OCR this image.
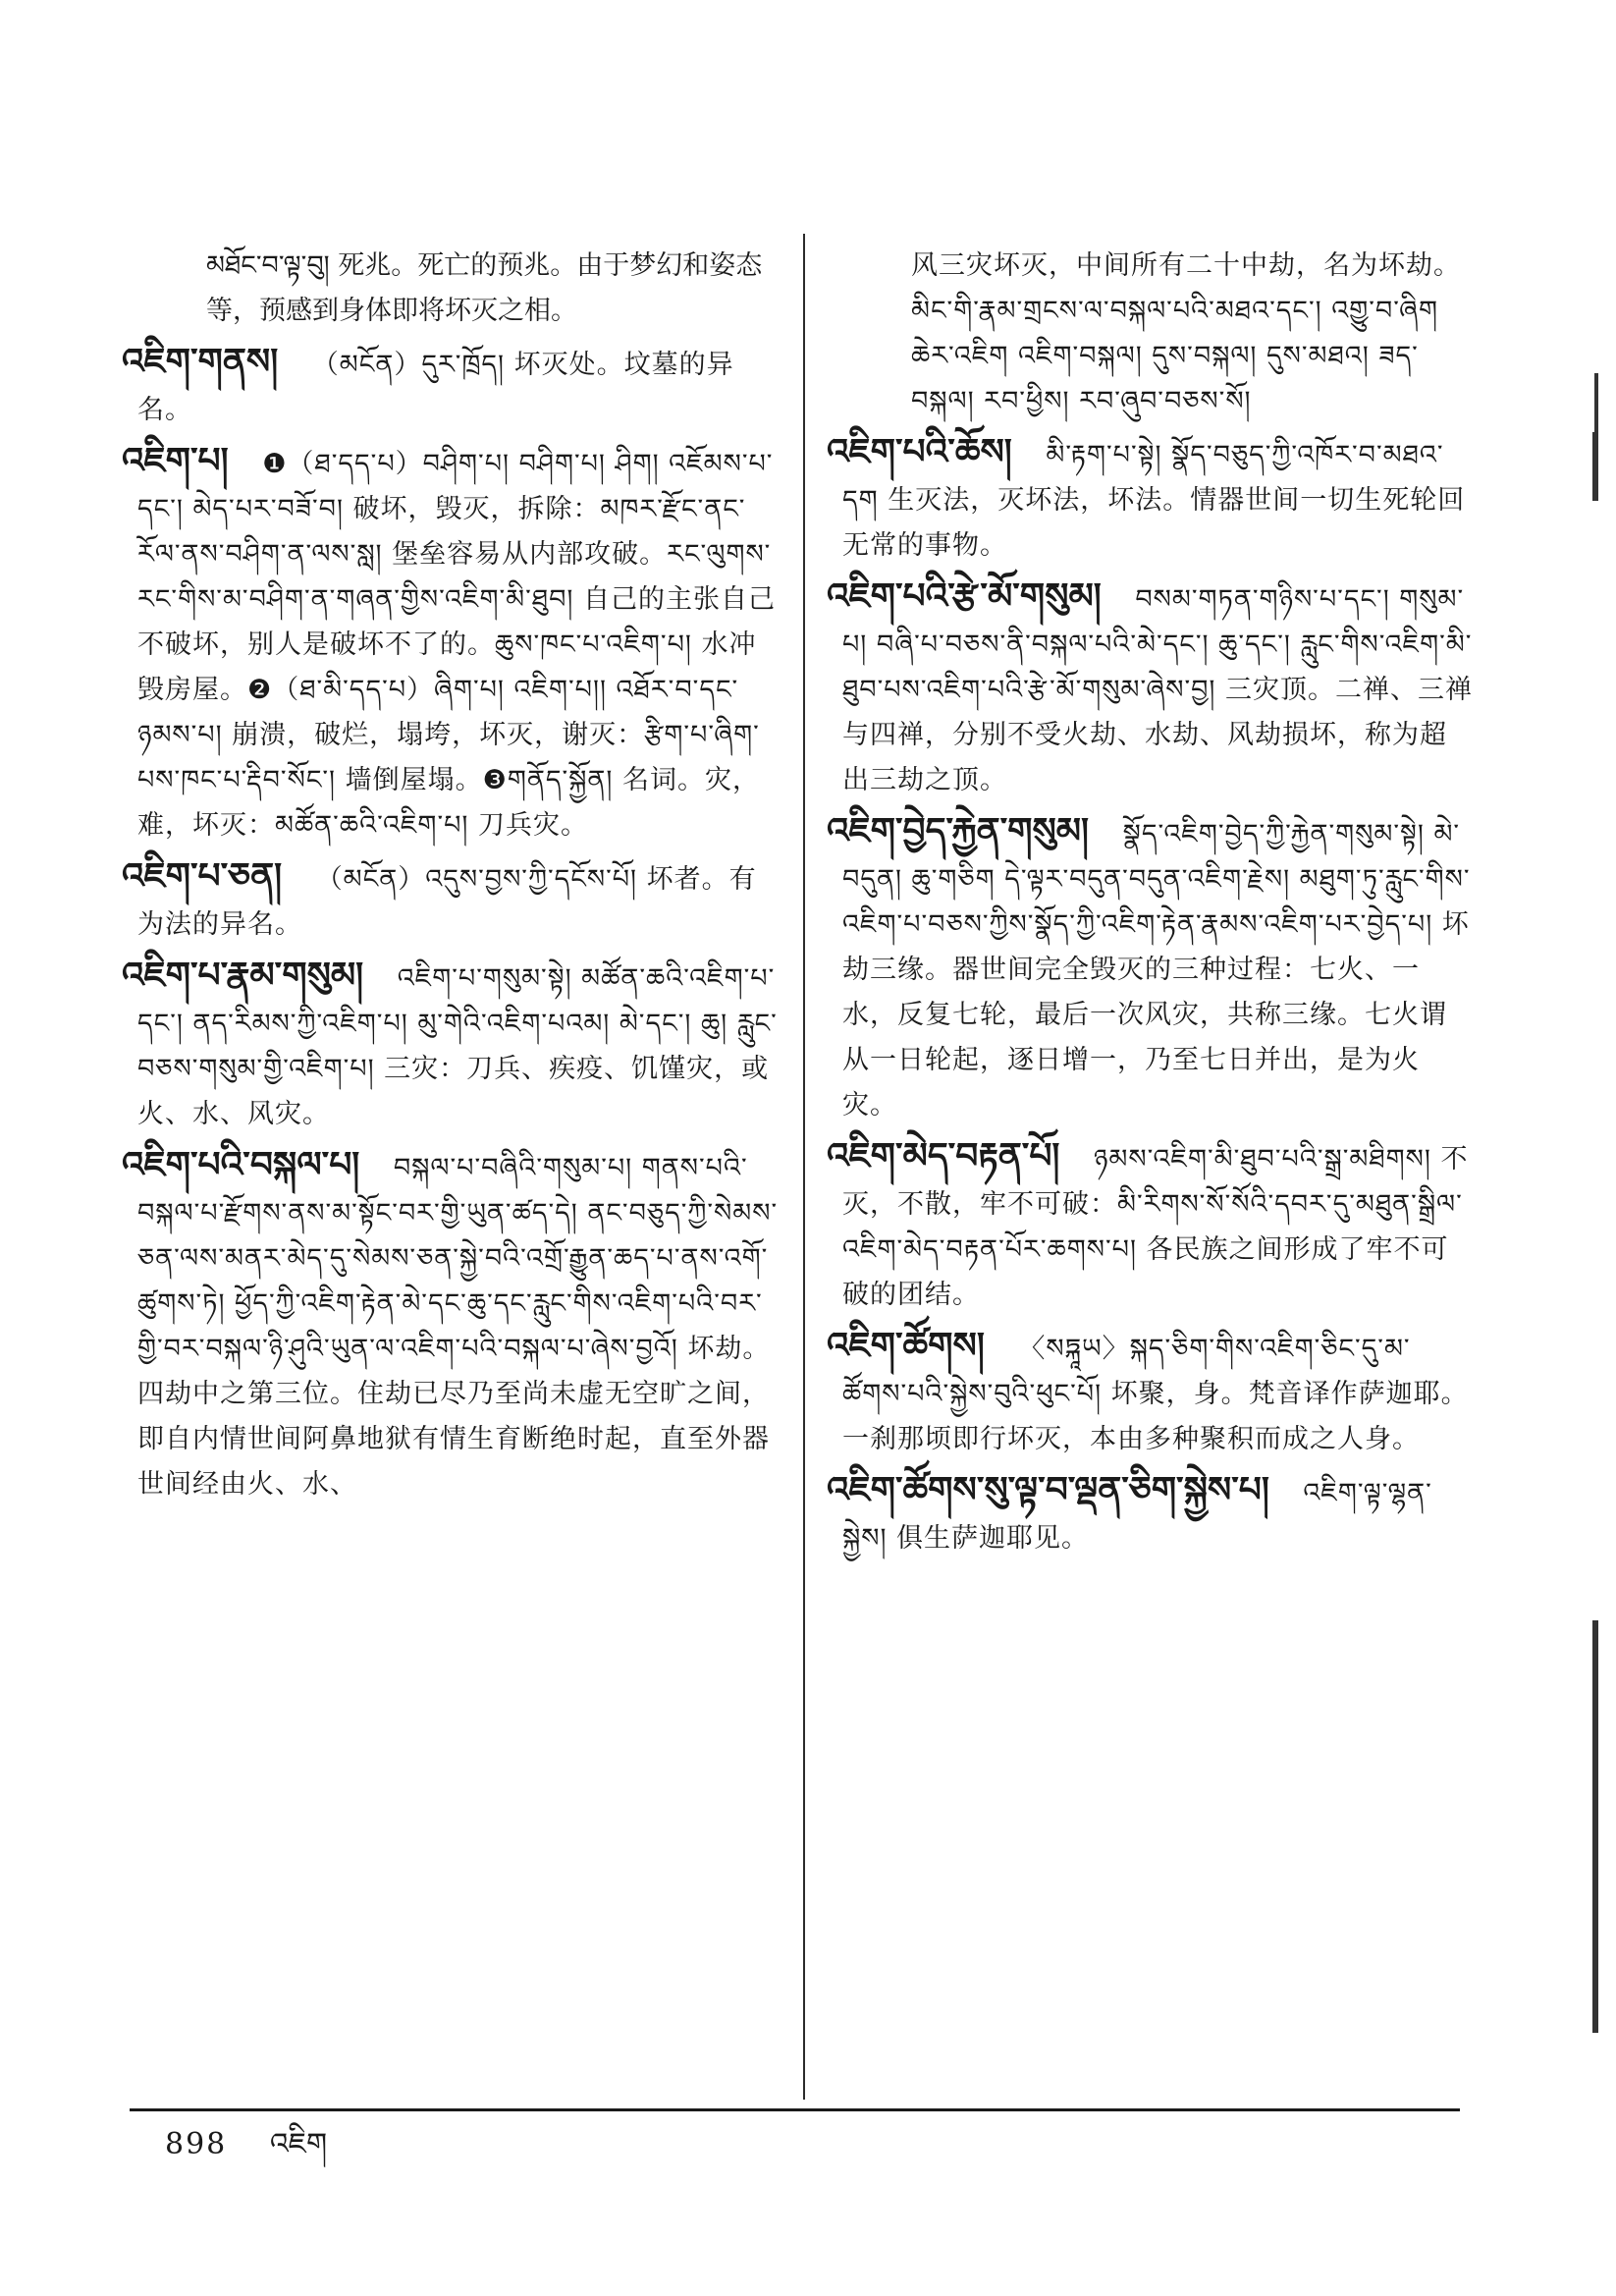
མཐོང་བ་ལྟ་བུ། 死兆。死亡的预兆。由于梦幻和姿态等，预感到身体即将坏灭之相。

འཇིག་གནས། （མངོན）དུར་ཁྲོད། 坏灭处。坟墓的异名。

འཇིག་པ། ❶（ཐ་དད་པ）བཤིག་པ། བཤིག་པ། ཤིག། འཇོམས་པ་དང་། མེད་པར་བཟོ་བ། 破坏，毁灭，拆除：མཁར་རྫོང་ནང་རོལ་ནས་བཤིག་ན་ལས་སླ། 堡垒容易从内部攻破。རང་ལུགས་རང་གིས་མ་བཤིག་ན་གཞན་གྱིས་འཇིག་མི་ཐུབ། 自己的主张自己不破坏，别人是破坏不了的。ཆུས་ཁང་པ་འཇིག་པ། 水冲毁房屋。❷（ཐ་མི་དད་པ）ཞིག་པ། འཇིག་པ།། འཐོར་བ་དང་ཉམས་པ། 崩溃，破烂，塌垮，坏灭，谢灭：རྩིག་པ་ཞིག་པས་ཁང་པ་རྡིབ་སོང་། 墙倒屋塌。❸གནོད་སྐྱོན། 名词。灾，难，坏灭：མཚོན་ཆའི་འཇིག་པ། 刀兵灾。

འཇིག་པ་ཅན། （མངོན）འདུས་བྱས་ཀྱི་དངོས་པོ། 坏者。有为法的异名。

འཇིག་པ་རྣམ་གསུམ། འཇིག་པ་གསུམ་སྟེ། མཚོན་ཆའི་འཇིག་པ་དང་། ནད་རིམས་ཀྱི་འཇིག་པ། མུ་གེའི་འཇིག་པའམ། མེ་དང་། ཆུ། རླུང་བཅས་གསུམ་གྱི་འཇིག་པ། 三灾：刀兵、疾疫、饥馑灾，或火、水、风灾。

འཇིག་པའི་བསྐལ་པ། བསྐལ་པ་བཞིའི་གསུམ་པ། གནས་པའི་བསྐལ་པ་རྫོགས་ནས་མ་སྟོང་བར་གྱི་ཡུན་ཚད་དེ། ནང་བཅུད་ཀྱི་སེམས་ཅན་ལས་མནར་མེད་དུ་སེམས་ཅན་སྐྱེ་བའི་འགྲོ་རྒྱུན་ཆད་པ་ནས་འགོ་ཚུགས་ཏེ། ཕྱོད་ཀྱི་འཇིག་རྟེན་མེ་དང་ཆུ་དང་རླུང་གིས་འཇིག་པའི་བར་གྱི་བར་བསྐལ་ཉི་ཤུའི་ཡུན་ལ་འཇིག་པའི་བསྐལ་པ་ཞེས་བྱའོ། 坏劫。四劫中之第三位。住劫已尽乃至尚未虚无空旷之间，即自内情世间阿鼻地狱有情生育断绝时起，直至外器世间经由火、水、

风三灾坏灭，中间所有二十中劫，名为坏劫。མིང་གི་རྣམ་གྲངས་ལ་བསྐལ་པའི་མཐའ་དང་། འགྱུ་བ་ཞིག ཆེར་འཇིག འཇིག་བསྐལ། དུས་བསྐལ། དུས་མཐའ། ཟད་བསྐལ། རབ་ཕྱིས། རབ་ཞུབ་བཅས་སོ།

འཇིག་པའི་ཆོས། མི་རྟག་པ་སྟེ། སྣོད་བཅུད་ཀྱི་འཁོར་བ་མཐའ་དག 生灭法，灭坏法，坏法。情器世间一切生死轮回无常的事物。

འཇིག་པའི་རྩེ་མོ་གསུམ། བསམ་གཏན་གཉིས་པ་དང་། གསུམ་པ། བཞི་པ་བཅས་ནི་བསྐལ་པའི་མེ་དང་། ཆུ་དང་། རླུང་གིས་འཇིག་མི་ཐུབ་པས་འཇིག་པའི་རྩེ་མོ་གསུམ་ཞེས་བྱ། 三灾顶。二禅、三禅与四禅，分别不受火劫、水劫、风劫损坏，称为超出三劫之顶。

འཇིག་བྱེད་རྐྱེན་གསུམ། སྣོད་འཇིག་བྱེད་ཀྱི་རྐྱེན་གསུམ་སྟེ། མེ་བདུན། ཆུ་གཅིག དེ་ལྟར་བདུན་བདུན་འཇིག་རྗེས། མཐུག་ཏུ་རླུང་གིས་འཇིག་པ་བཅས་ཀྱིས་སྣོད་ཀྱི་འཇིག་རྟེན་རྣམས་འཇིག་པར་བྱེད་པ། 坏劫三缘。器世间完全毁灭的三种过程：七火、一水，反复七轮，最后一次风灾，共称三缘。七火谓从一日轮起，逐日增一，乃至七日并出，是为火灾。

འཇིག་མེད་བརྟན་པོ། ཉམས་འཇིག་མི་ཐུབ་པའི་སྒྲ་མཐིགས། 不灭，不散，牢不可破：མི་རིགས་སོ་སོའི་དབར་དུ་མཐུན་སྒྲིལ་འཇིག་མེད་བརྟན་པོར་ཆགས་པ། 各民族之间形成了牢不可破的团结。

འཇིག་ཚོགས། 〈སཏྐཱཡ〉སྐད་ཅིག་གིས་འཇིག་ཅིང་དུ་མ་ཚོགས་པའི་སྐྱེས་བུའི་ཕུང་པོ། 坏聚，身。梵音译作萨迦耶。一刹那顷即行坏灭，本由多种聚积而成之人身。

འཇིག་ཚོགས་སུ་ལྟ་བ་ལྡན་ཅིག་སྐྱེས་པ། འཇིག་ལྟ་ལྷན་སྐྱེས། 俱生萨迦耶见。

898 འཇིག
